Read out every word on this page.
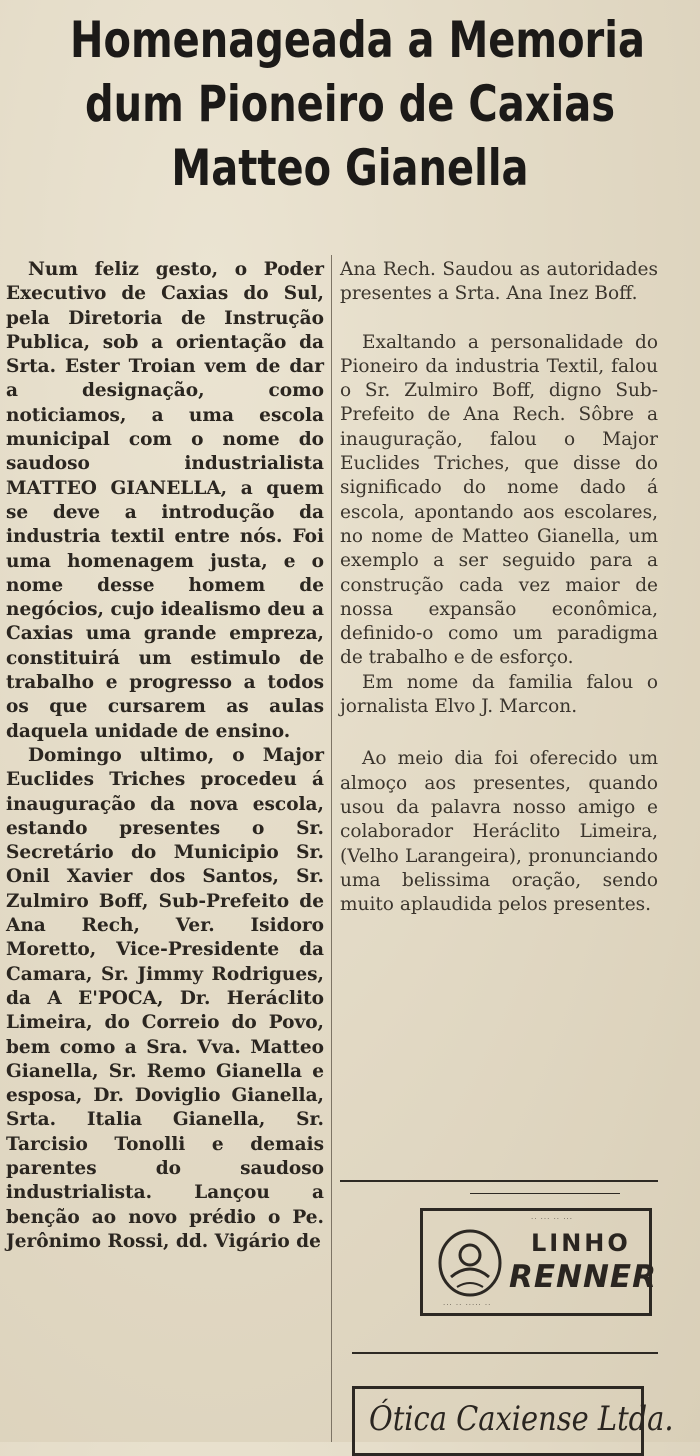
Homenageada a Memoria
dum Pioneiro de Caxias
Matteo Gianella

Num feliz gesto, o Poder Executivo de Caxias do Sul, pela Diretoria de Instrução Publica, sob a orientação da Srta. Ester Troian vem de dar a designação, como noticiamos, a uma escola municipal com o nome do saudoso industrialista MATTEO GIANELLA, a quem se deve a introdução da industria textil entre nós. Foi uma homenagem justa, e o nome desse homem de negócios, cujo idealismo deu a Caxias uma grande empreza, constituirá um estimulo de trabalho e progresso a todos os que cursarem as aulas daquela unidade de ensino.

Domingo ultimo, o Major Euclides Triches procedeu á inauguração da nova escola, estando presentes o Sr. Secretário do Municipio Sr. Onil Xavier dos Santos, Sr. Zulmiro Boff, Sub-Prefeito de Ana Rech, Ver. Isidoro Moretto, Vice-Presidente da Camara, Sr. Jimmy Rodrigues, da A E'POCA, Dr. Heráclito Limeira, do Correio do Povo, bem como a Sra. Vva. Matteo Gianella, Sr. Remo Gianella e esposa, Dr. Doviglio Gianella, Srta. Italia Gianella, Sr. Tarcisio Tonolli e demais parentes do saudoso industrialista. Lançou a benção ao novo prédio o Pe. Jerônimo Rossi, dd. Vigário de

Ana Rech. Saudou as autoridades presentes a Srta. Ana Inez Boff.

Exaltando a personalidade do Pioneiro da industria Textil, falou o Sr. Zulmiro Boff, digno Sub-Prefeito de Ana Rech. Sôbre a inauguração, falou o Major Euclides Triches, que disse do significado do nome dado á escola, apontando aos escolares, no nome de Matteo Gianella, um exemplo a ser seguido para a construção cada vez maior de nossa expansão econômica, definido-o como um paradigma de trabalho e de esforço.

Em nome da familia falou o jornalista Elvo J. Marcon.

Ao meio dia foi oferecido um almoço aos presentes, quando usou da palavra nosso amigo e colaborador Heráclito Limeira, (Velho Larangeira), pronunciando uma belissima oração, sendo muito aplaudida pelos presentes.

·· ··· ·· ···
LINHO
RENNER
··· ·· ····· ··
Ótica Caxiense Ltda.
